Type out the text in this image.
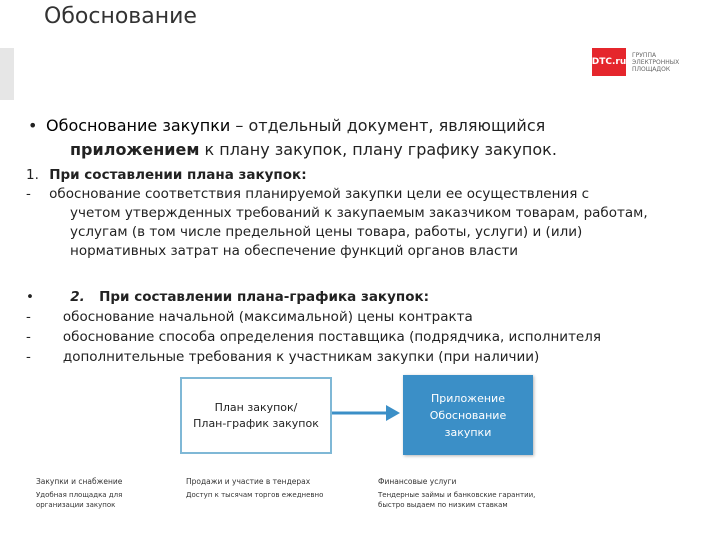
Обоснование
DTC.ru
ГРУППА ЭЛЕКТРОННЫХ ПЛОЩАДОК
• Обоснование закупки – отдельный документ, являющийся
приложением к плану закупок, плану графику закупок.
1. При составлении плана закупок:
- обоснование соответствия планируемой закупки цели ее осуществления с
учетом утвержденных требований к закупаемым заказчиком товарам, работам,
услугам (в том числе предельной цены товара, работы, услуги) и (или)
нормативных затрат на обеспечение функций органов власти
•	2. При составлении плана-графика закупок:
- обоснование начальной (максимальной) цены контракта
- обоснование способа определения поставщика (подрядчика, исполнителя
- дополнительные требования к участникам закупки (при наличии)
План закупок/
План-график закупок
Приложение
Обоснование
закупки
Закупки и снабжение
Удобная площадка для
организации закупок
Продажи и участие в тендерах
Доступ к тысячам торгов ежедневно
Финансовые услуги
Тендерные займы и банковские гарантии,
быстро выдаем по низким ставкам
